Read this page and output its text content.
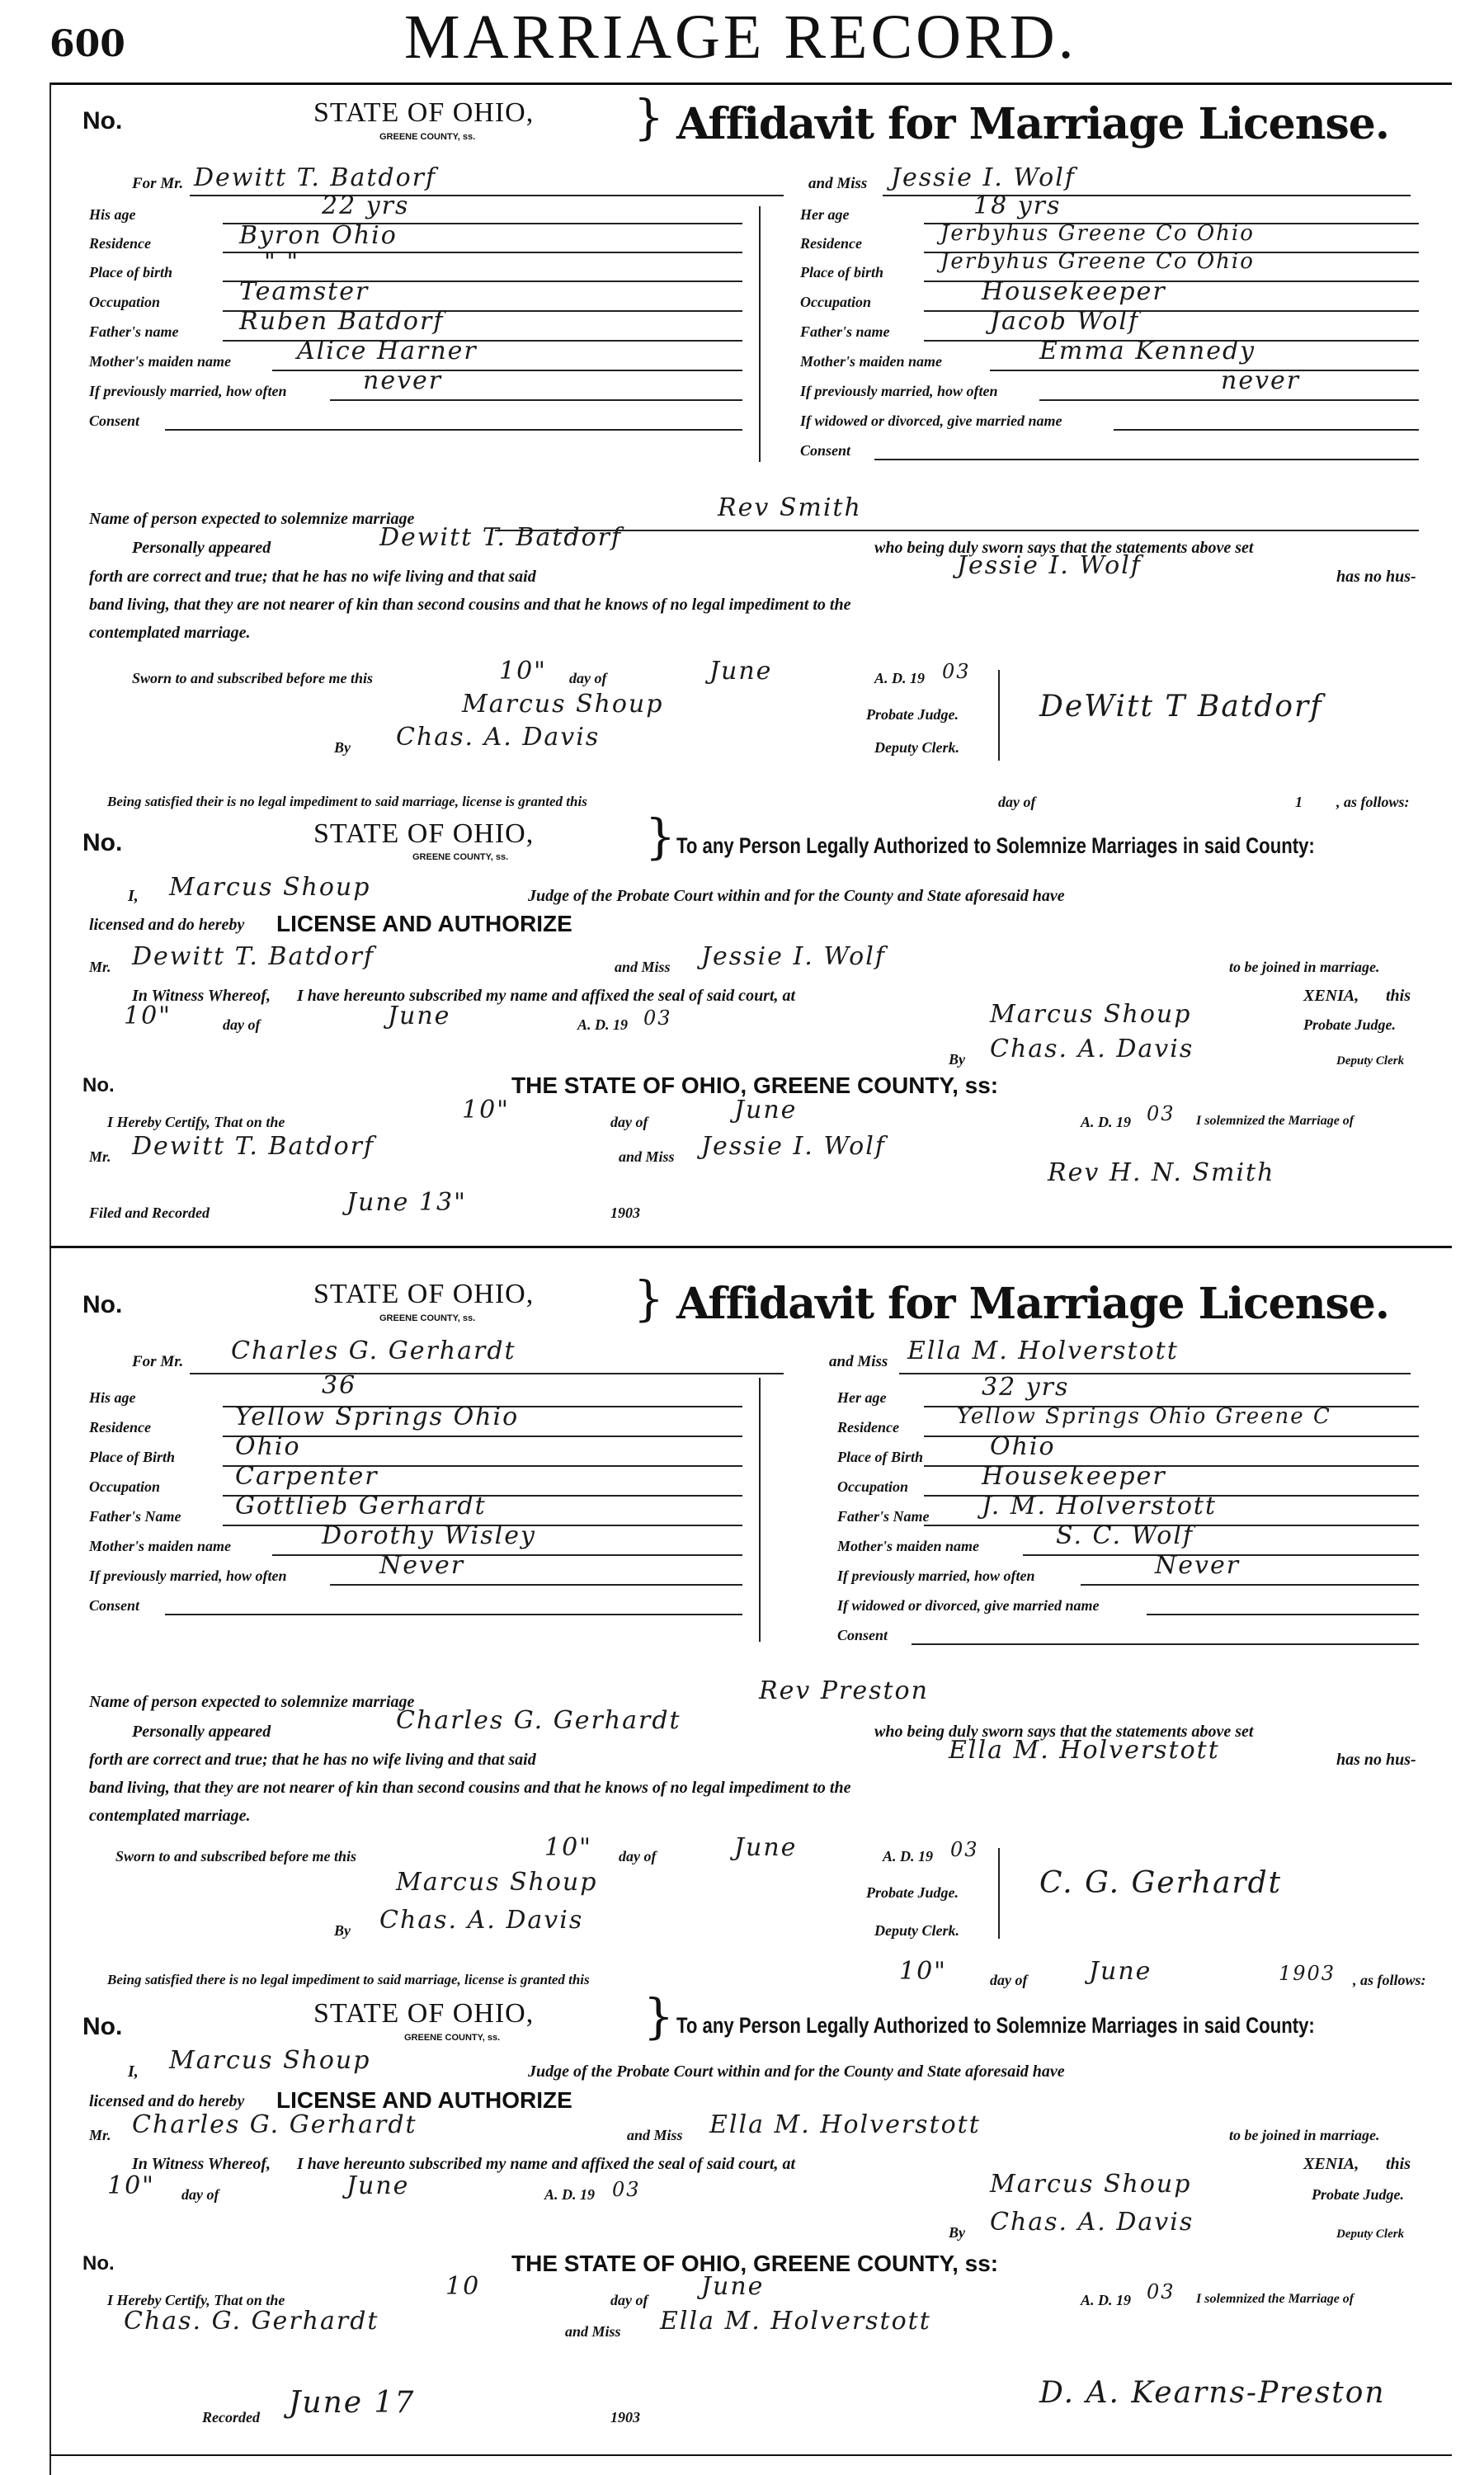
600	MARRIAGE RECORD.
No.	STATE OF OHIO,
GREENE COUNTY, ss.	} Affidavit for Marriage License.
For Mr. Dewitt T. Batdorf	and Miss Jessie I. Wolf
His age	22 yrs
Residence	Byron Ohio
Place of birth	" "
Occupation	Teamster
Father's name Ruben Batdorf
Mother's maiden name	Alice Harner
If previously married, how often	never
Consent
Her age	18 yrs
Residence	Jerbyhus Greene Co Ohio
Place of birth	Jerbyhus Greene Co Ohio
Occupation	Housekeeper
Father's name	Jacob Wolf
Mother's maiden name	Emma Kennedy
If previously married, how often	never
If widowed or divorced, give married name
Consent
Name of person expected to solemnize marriage	Rev Smith
Personally appeared	Dewitt T. Batdorf	who being duly sworn says that the statements above set
forth are correct and true; that he has no wife living and that said	Jessie I. Wolf	has no hus-
band living, that they are not nearer of kin than second cousins and that he knows of no legal impediment to the
contemplated marriage.
Sworn to and subscribed before me this	10" day of	June	A. D. 19 03
Marcus Shoup	Probate Judge.
By Chas. A. Davis	Deputy Clerk.
DeWitt T Batdorf
Being satisfied their is no legal impediment to said marriage, license is granted this	day of	1 , as follows:
No.	STATE OF OHIO,
GREENE COUNTY, ss.	} To any Person Legally Authorized to Solemnize Marriages in said County:
I, Marcus Shoup	Judge of the Probate Court within and for the County and State aforesaid have
licensed and do hereby LICENSE AND AUTHORIZE
Mr. Dewitt T. Batdorf	and Miss Jessie I. Wolf	to be joined in marriage.
In Witness Whereof, I have hereunto subscribed my name and affixed the seal of said court, at	XENIA, this
10"	day of	June	A. D. 19 03	Marcus Shoup	Probate Judge.
By Chas. A. Davis	Deputy Clerk
No.	THE STATE OF OHIO, GREENE COUNTY, ss:
I Hereby Certify, That on the	10"	day of	June	A. D. 19 03 I solemnized the Marriage of
Mr. Dewitt T. Batdorf	and Miss Jessie I. Wolf
Rev H. N. Smith
Filed and Recorded	June 13"	1903
No.	STATE OF OHIO,
GREENE COUNTY, ss.	} Affidavit for Marriage License.
For Mr. Charles G. Gerhardt	and Miss Ella M. Holverstott
His age	36
Residence	Yellow Springs Ohio
Place of Birth Ohio
Occupation	Carpenter
Father's Name Gottlieb Gerhardt
Mother's maiden name	Dorothy Wisley
If previously married, how often	Never
Consent
Her age	32 yrs
Residence	Yellow Springs Ohio Greene C
Place of Birth	Ohio
Occupation	Housekeeper
Father's Name J. M. Holverstott
Mother's maiden name	S. C. Wolf
If previously married, how often	Never
If widowed or divorced, give married name
Consent
Name of person expected to solemnize marriage	Rev Preston
Personally appeared	Charles G. Gerhardt	who being duly sworn says that the statements above set
forth are correct and true; that he has no wife living and that said	Ella M. Holverstott	has no hus-
band living, that they are not nearer of kin than second cousins and that he knows of no legal impediment to the
contemplated marriage.
Sworn to and subscribed before me this	10" day of	June	A. D. 19 03
Marcus Shoup	Probate Judge.
By Chas. A. Davis	Deputy Clerk.
C. G. Gerhardt
Being satisfied there is no legal impediment to said marriage, license is granted this	10"	day of June	1903 , as follows:
No.	STATE OF OHIO,
GREENE COUNTY, ss.	} To any Person Legally Authorized to Solemnize Marriages in said County:
I, Marcus Shoup	Judge of the Probate Court within and for the County and State aforesaid have
licensed and do hereby LICENSE AND AUTHORIZE
Mr. Charles G. Gerhardt	and Miss Ella M. Holverstott	to be joined in marriage.
In Witness Whereof, I have hereunto subscribed my name and affixed the seal of said court, at	XENIA, this
10" day of	June	A. D. 19 03	Marcus Shoup	Probate Judge.
By Chas. A. Davis	Deputy Clerk
No.	THE STATE OF OHIO, GREENE COUNTY, ss:
I Hereby Certify, That on the	10	day of June	A. D. 19 03 I solemnized the Marriage of
Chas. G. Gerhardt	and Miss Ella M. Holverstott
Recorded June 17	1903
D. A. Kearns-Preston
